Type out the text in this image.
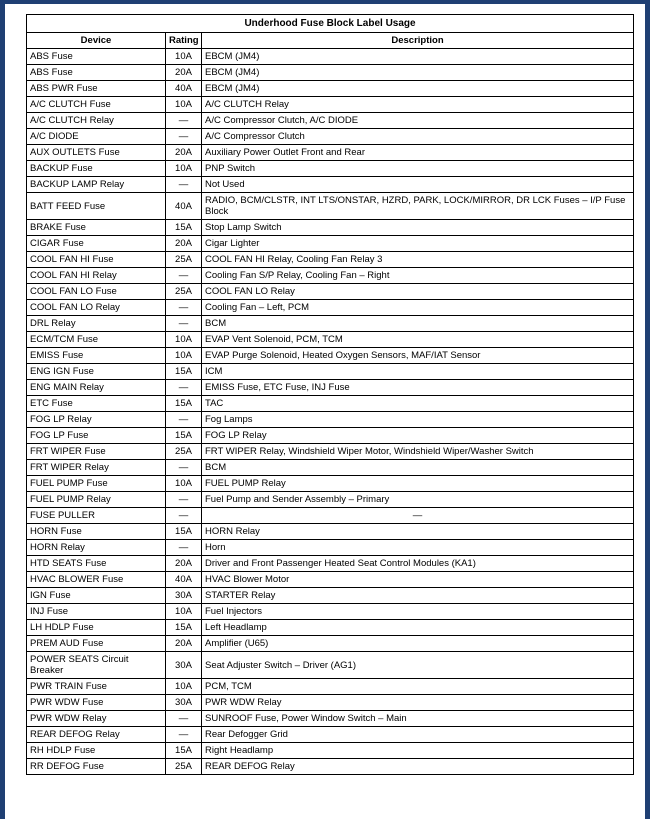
Underhood Fuse Block Label Usage		
Device	Rating	Description
ABS Fuse	10A	EBCM (JM4)
ABS Fuse	20A	EBCM (JM4)
ABS PWR Fuse	40A	EBCM (JM4)
A/C CLUTCH Fuse	10A	A/C CLUTCH Relay
A/C CLUTCH Relay	—	A/C Compressor Clutch, A/C DIODE
A/C DIODE	—	A/C Compressor Clutch
AUX OUTLETS Fuse	20A	Auxiliary Power Outlet Front and Rear
BACKUP Fuse	10A	PNP Switch
BACKUP LAMP Relay	—	Not Used
BATT FEED Fuse	40A	RADIO, BCM/CLSTR, INT LTS/ONSTAR, HZRD, PARK, LOCK/MIRROR, DR LCK Fuses – I/P Fuse Block
BRAKE Fuse	15A	Stop Lamp Switch
CIGAR Fuse	20A	Cigar Lighter
COOL FAN HI Fuse	25A	COOL FAN HI Relay, Cooling Fan Relay 3
COOL FAN HI Relay	—	Cooling Fan S/P Relay, Cooling Fan – Right
COOL FAN LO Fuse	25A	COOL FAN LO Relay
COOL FAN LO Relay	—	Cooling Fan – Left, PCM
DRL Relay	—	BCM
ECM/TCM Fuse	10A	EVAP Vent Solenoid, PCM, TCM
EMISS Fuse	10A	EVAP Purge Solenoid, Heated Oxygen Sensors, MAF/IAT Sensor
ENG IGN Fuse	15A	ICM
ENG MAIN Relay	—	EMISS Fuse, ETC Fuse, INJ Fuse
ETC Fuse	15A	TAC
FOG LP Relay	—	Fog Lamps
FOG LP Fuse	15A	FOG LP Relay
FRT WIPER Fuse	25A	FRT WIPER Relay, Windshield Wiper Motor, Windshield Wiper/Washer Switch
FRT WIPER Relay	—	BCM
FUEL PUMP Fuse	10A	FUEL PUMP Relay
FUEL PUMP Relay	—	Fuel Pump and Sender Assembly – Primary
FUSE PULLER	—	—
HORN Fuse	15A	HORN Relay
HORN Relay	—	Horn
HTD SEATS Fuse	20A	Driver and Front Passenger Heated Seat Control Modules (KA1)
HVAC BLOWER Fuse	40A	HVAC Blower Motor
IGN Fuse	30A	STARTER Relay
INJ Fuse	10A	Fuel Injectors
LH HDLP Fuse	15A	Left Headlamp
PREM AUD Fuse	20A	Amplifier (U65)
POWER SEATS Circuit Breaker	30A	Seat Adjuster Switch – Driver (AG1)
PWR TRAIN Fuse	10A	PCM, TCM
PWR WDW Fuse	30A	PWR WDW Relay
PWR WDW Relay	—	SUNROOF Fuse, Power Window Switch – Main
REAR DEFOG Relay	—	Rear Defogger Grid
RH HDLP Fuse	15A	Right Headlamp
RR DEFOG Fuse	25A	REAR DEFOG Relay
